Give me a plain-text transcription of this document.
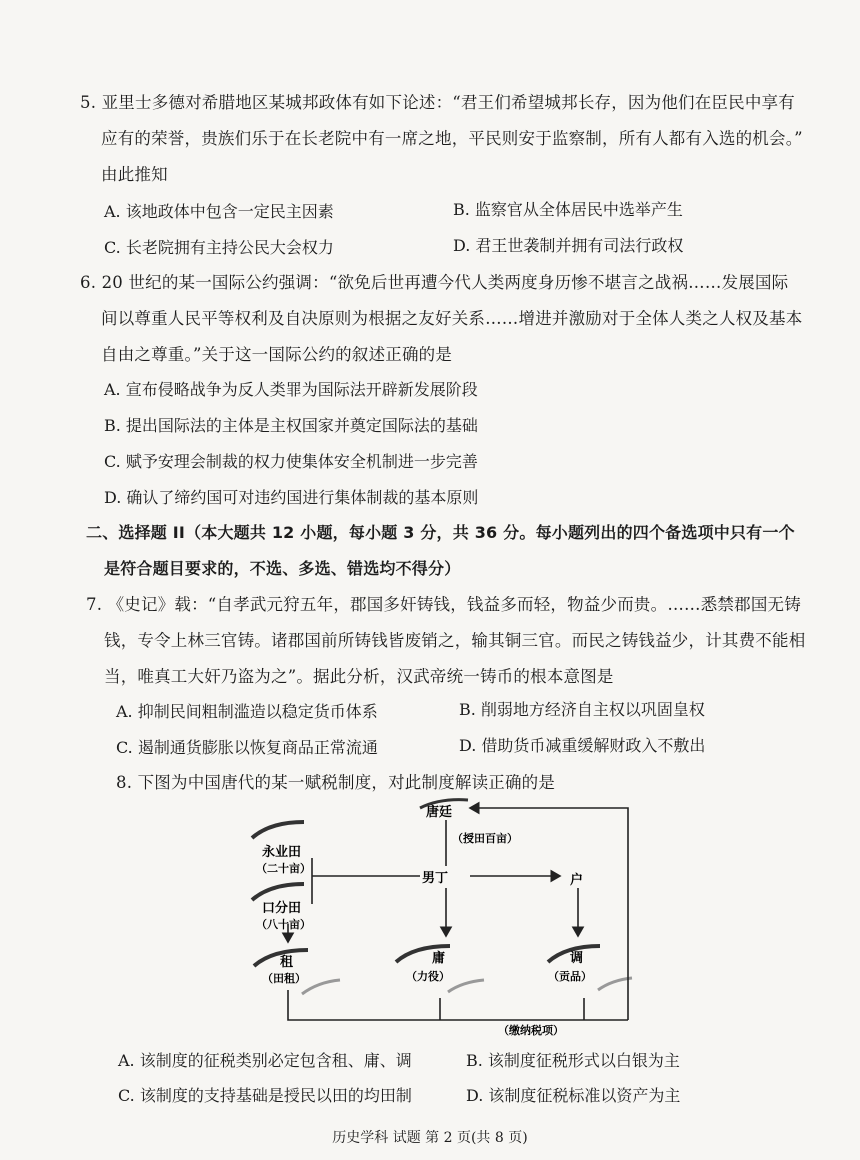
5. 亚里士多德对希腊地区某城邦政体有如下论述：“君王们希望城邦长存，因为他们在臣民中享有
应有的荣誉，贵族们乐于在长老院中有一席之地，平民则安于监察制，所有人都有入选的机会。”
由此推知
A. 该地政体中包含一定民主因素	B. 监察官从全体居民中选举产生
C. 长老院拥有主持公民大会权力	D. 君王世袭制并拥有司法行政权
6. 20 世纪的某一国际公约强调：“欲免后世再遭今代人类两度身历惨不堪言之战祸……发展国际
间以尊重人民平等权利及自决原则为根据之友好关系……增进并激励对于全体人类之人权及基本
自由之尊重。”关于这一国际公约的叙述正确的是
A. 宣布侵略战争为反人类罪为国际法开辟新发展阶段
B. 提出国际法的主体是主权国家并奠定国际法的基础
C. 赋予安理会制裁的权力使集体安全机制进一步完善
D. 确认了缔约国可对违约国进行集体制裁的基本原则
二、选择题 II（本大题共 12 小题，每小题 3 分，共 36 分。每小题列出的四个备选项中只有一个
是符合题目要求的，不选、多选、错选均不得分）
7. 《史记》载：“自孝武元狩五年，郡国多奸铸钱，钱益多而轻，物益少而贵。……悉禁郡国无铸
钱，专令上林三官铸。诸郡国前所铸钱皆废销之，输其铜三官。而民之铸钱益少，计其费不能相
当，唯真工大奸乃盗为之”。据此分析，汉武帝统一铸币的根本意图是
A. 抑制民间粗制滥造以稳定货币体系	B. 削弱地方经济自主权以巩固皇权
C. 遏制通货膨胀以恢复商品正常流通	D. 借助货币减重缓解财政入不敷出
8. 下图为中国唐代的某一赋税制度，对此制度解读正确的是
唐廷
（授田百亩）
永业田
（二十亩）
口分田
（八十亩）
男丁	户
租
（田租）
庸
（力役）
调
（贡品）
（缴纳税项）
A. 该制度的征税类别必定包含租、庸、调	B. 该制度征税形式以白银为主
C. 该制度的支持基础是授民以田的均田制	D. 该制度征税标准以资产为主
历史学科 试题 第 2 页(共 8 页)
